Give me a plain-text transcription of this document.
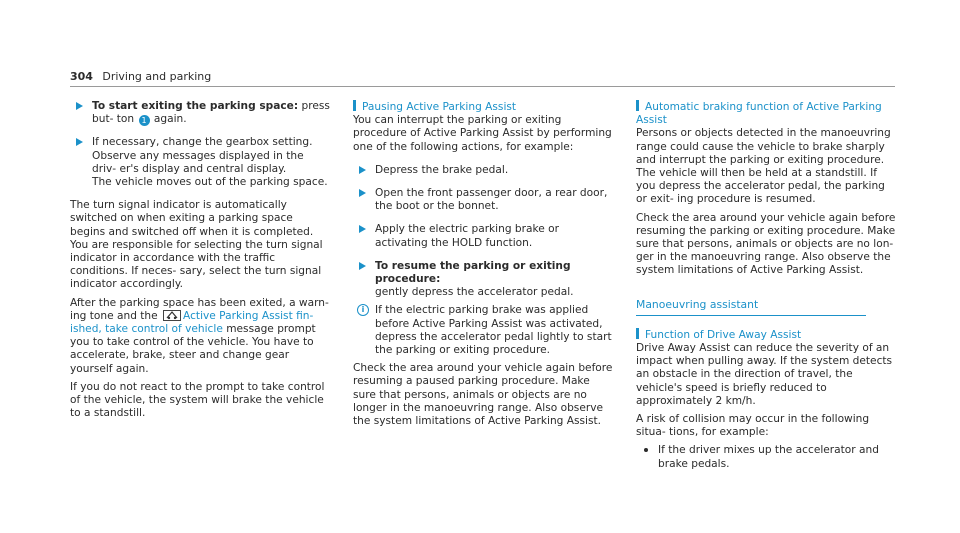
304 Driving and parking
To start exiting the parking space: press but‐ ton 1 again.

If necessary, change the gearbox setting. Observe any messages displayed in the driv‐ er's display and central display.

The vehicle moves out of the parking space.

The turn signal indicator is automatically switched on when exiting a parking space begins and switched off when it is completed. You are responsible for selecting the turn signal indicator in accordance with the traffic conditions. If neces‐ sary, select the turn signal indicator accordingly.

After the parking space has been exited, a warn‐ ing tone and the
Active Parking Assist fin‐ ished, take control of vehicle message prompt you to take control of the vehicle. You have to accelerate, brake, steer and change gear yourself again.

If you do not react to the prompt to take control of the vehicle, the system will brake the vehicle to a standstill.

Pausing Active Parking Assist

You can interrupt the parking or exiting procedure of Active Parking Assist by performing one of the following actions, for example:

Depress the brake pedal.

Open the front passenger door, a rear door, the boot or the bonnet.

Apply the electric parking brake or activating the HOLD function.

To resume the parking or exiting procedure:

gently depress the accelerator pedal.

i	If the electric parking brake was applied before Active Parking Assist was activated, depress the accelerator pedal lightly to start the parking or exiting procedure.

Check the area around your vehicle again before resuming a paused parking procedure. Make sure that persons, animals or objects are no longer in the manoeuvring range. Also observe the system limitations of Active Parking Assist.

Automatic braking function of Active Parking Assist

Persons or objects detected in the manoeuvring range could cause the vehicle to brake sharply and interrupt the parking or exiting procedure. The vehicle will then be held at a standstill. If you depress the accelerator pedal, the parking or exit‐ ing procedure is resumed.

Check the area around your vehicle again before resuming the parking or exiting procedure. Make sure that persons, animals or objects are no lon‐ ger in the manoeuvring range. Also observe the system limitations of Active Parking Assist.

Manoeuvring assistant

Function of Drive Away Assist

Drive Away Assist can reduce the severity of an impact when pulling away. If the system detects an obstacle in the direction of travel, the vehicle's speed is briefly reduced to approximately 2 km/h.

A risk of collision may occur in the following situa‐ tions, for example:

If the driver mixes up the accelerator and brake pedals.
